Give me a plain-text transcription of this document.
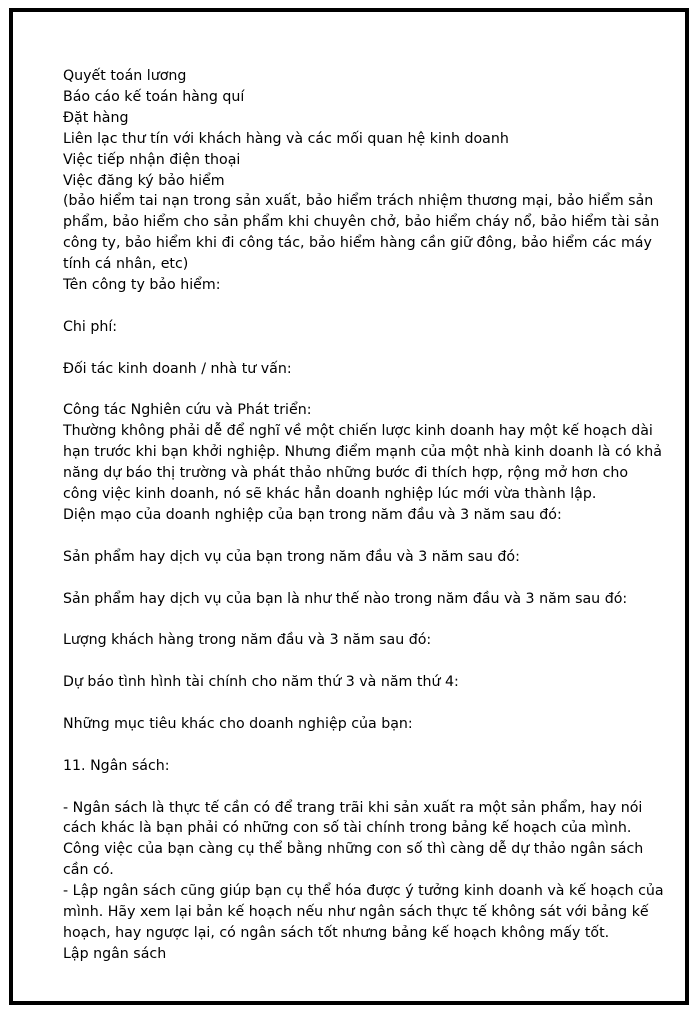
Quyết toán lương
Báo cáo kế toán hàng quí
Đặt hàng
Liên lạc thư tín với khách hàng và các mối quan hệ kinh doanh
Việc tiếp nhận điện thoại
Việc đăng ký bảo hiểm
(bảo hiểm tai nạn trong sản xuất, bảo hiểm trách nhiệm thương mại, bảo hiểm sản
phẩm, bảo hiểm cho sản phẩm khi chuyên chở, bảo hiểm cháy nổ, bảo hiểm tài sản
công ty, bảo hiểm khi đi công tác, bảo hiểm hàng cần giữ đông, bảo hiểm các máy
tính cá nhân, etc)
Tên công ty bảo hiểm:
Chi phí:
Đối tác kinh doanh / nhà tư vấn:
Công tác Nghiên cứu và Phát triển:
Thường không phải dễ để nghĩ về một chiến lược kinh doanh hay một kế hoạch dài
hạn trước khi bạn khởi nghiệp. Nhưng điểm mạnh của một nhà kinh doanh là có khả
năng dự báo thị trường và phát thảo những bước đi thích hợp, rộng mở hơn cho
công việc kinh doanh, nó sẽ khác hẳn doanh nghiệp lúc mới vừa thành lập.
Diện mạo của doanh nghiệp của bạn trong năm đầu và 3 năm sau đó:
Sản phẩm hay dịch vụ của bạn trong năm đầu và 3 năm sau đó:
Sản phẩm hay dịch vụ của bạn là như thế nào trong năm đầu và 3 năm sau đó:
Lượng khách hàng trong năm đầu và 3 năm sau đó:
Dự báo tình hình tài chính cho năm thứ 3 và năm thứ 4:
Những mục tiêu khác cho doanh nghiệp của bạn:
11. Ngân sách:
- Ngân sách là thực tế cần có để trang trãi khi sản xuất ra một sản phẩm, hay nói
cách khác là bạn phải có những con số tài chính trong bảng kế hoạch của mình.
Công việc của bạn càng cụ thể bằng những con số thì càng dễ dự thảo ngân sách
cần có.
- Lập ngân sách cũng giúp bạn cụ thể hóa được ý tưởng kinh doanh và kế hoạch của
mình. Hãy xem lại bản kế hoạch nếu như ngân sách thực tế không sát với bảng kế
hoạch, hay ngược lại, có ngân sách tốt nhưng bảng kế hoạch không mấy tốt.
Lập ngân sách
